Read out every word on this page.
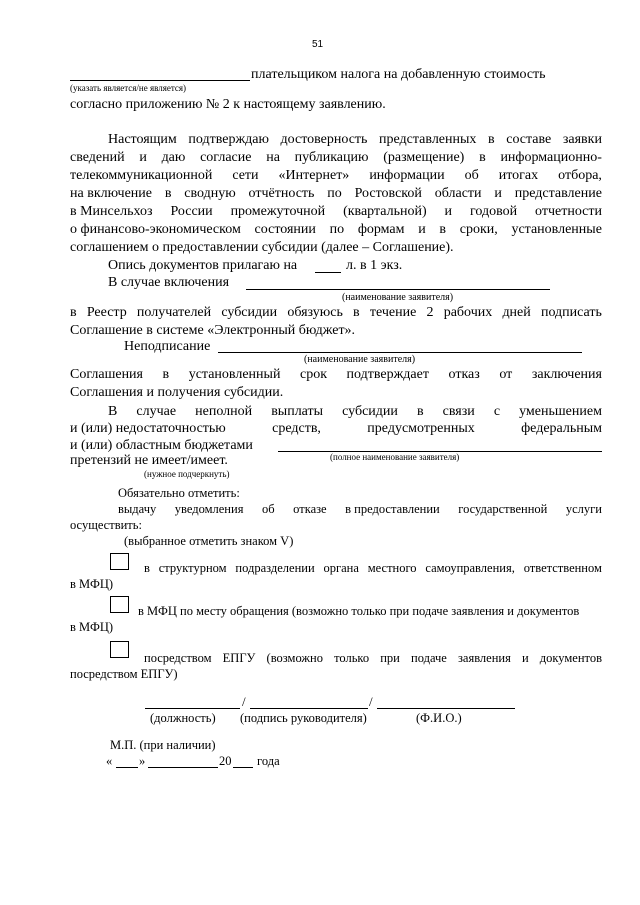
51
плательщиком налога на добавленную стоимость
(указать является/не является)
согласно приложению № 2 к настоящему заявлению.
Настоящим подтверждаю достоверность представленных в составе заявки
сведений и даю согласие на публикацию (размещение) в информационно-
телекоммуникационной сети «Интернет» информации об итогах отбора,
на включение в сводную отчётность по Ростовской области и представление
в Минсельхоз России промежуточной (квартальной) и годовой отчетности
о финансово-экономическом состоянии по формам и в сроки, установленные
соглашением о предоставлении субсидии (далее – Соглашение).
Опись документов прилагаю на	л. в 1 экз.
В случае включения
(наименование заявителя)
в Реестр получателей субсидии обязуюсь в течение 2 рабочих дней подписать
Соглашение в системе «Электронный бюджет».
Неподписание
(наименование заявителя)
Соглашения в установленный срок подтверждает отказ от заключения
Соглашения и получения субсидии.
В случае неполной выплаты субсидии в связи с уменьшением
и (или) недостаточностью	средств,	предусмотренных	федеральным
и (или) областным бюджетами
(полное наименование заявителя)
претензий не имеет/имеет.
(нужное подчеркнуть)
Обязательно отметить:
выдачу уведомления об отказе в предоставлении государственной услуги
осуществить:
(выбранное отметить знаком V)
в структурном подразделении органа местного самоуправления, ответственном
в МФЦ)
в МФЦ по месту обращения (возможно только при подаче заявления и документов
в МФЦ)
посредством ЕПГУ (возможно только при подаче заявления и документов
посредством ЕПГУ)
/	/
(должность) (подпись руководителя)	(Ф.И.О.)
М.П. (при наличии)
« »	20 года
